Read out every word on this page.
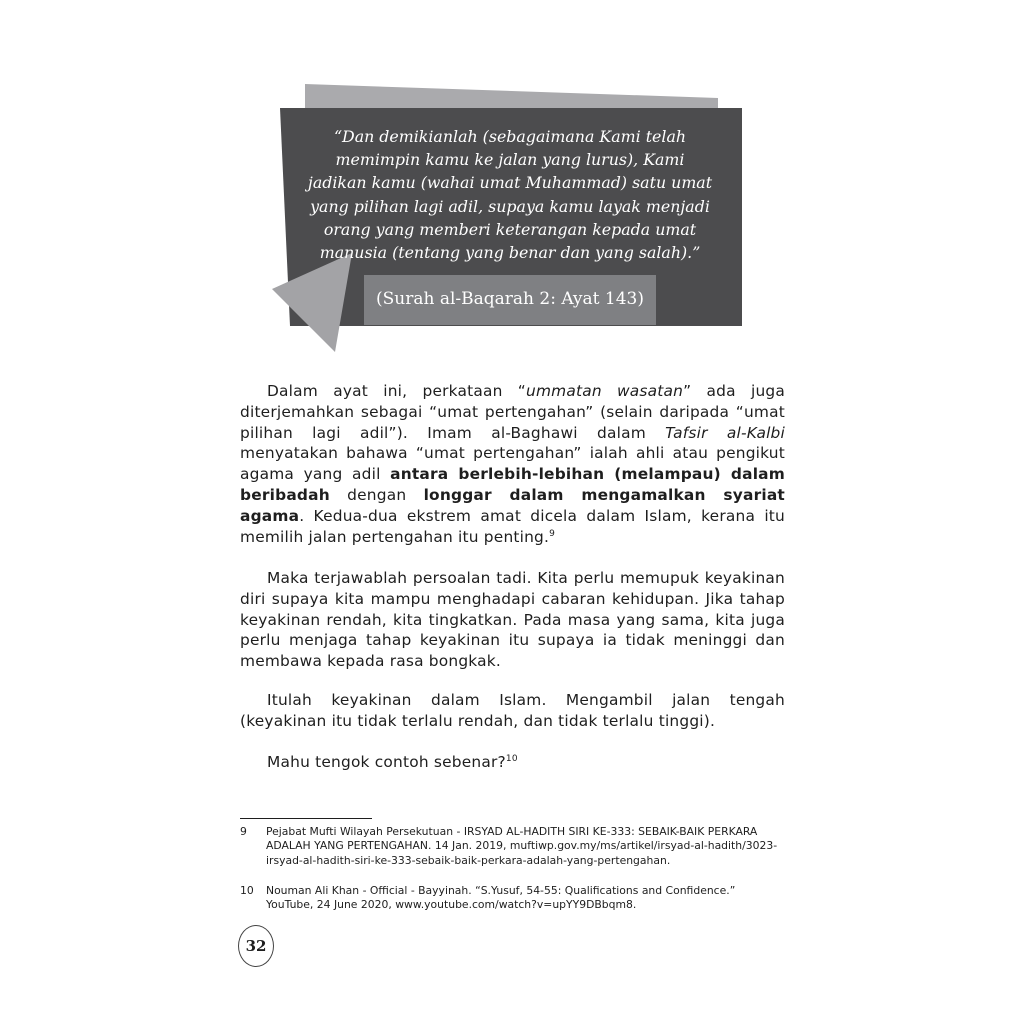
“Dan demikianlah (sebagaimana Kami telah
memimpin kamu ke jalan yang lurus), Kami
jadikan kamu (wahai umat Muhammad) satu umat
yang pilihan lagi adil, supaya kamu layak menjadi
orang yang memberi keterangan kepada umat
manusia (tentang yang benar dan yang salah).”
(Surah al-Baqarah 2: Ayat 143)

Dalam ayat ini, perkataan “ummatan wasatan” ada juga diterjemahkan sebagai “umat pertengahan” (selain daripada “umat pilihan lagi adil”). Imam al-Baghawi dalam Tafsir al-Kalbi menyatakan bahawa “umat pertengahan” ialah ahli atau pengikut agama yang adil antara berlebih-lebihan (melampau) dalam beribadah dengan longgar dalam mengamalkan syariat agama. Kedua-dua ekstrem amat dicela dalam Islam, kerana itu memilih jalan pertengahan itu penting.$^9$

Maka terjawablah persoalan tadi. Kita perlu memupuk keyakinan diri supaya kita mampu menghadapi cabaran kehidupan. Jika tahap keyakinan rendah, kita tingkatkan. Pada masa yang sama, kita juga perlu menjaga tahap keyakinan itu supaya ia tidak meninggi dan membawa kepada rasa bongkak.

Itulah keyakinan dalam Islam. Mengambil jalan tengah (keyakinan itu tidak terlalu rendah, dan tidak terlalu tinggi).

Mahu tengok contoh sebenar?$^{10}$

9	Pejabat Mufti Wilayah Persekutuan - IRSYAD AL-HADITH SIRI KE-333: SEBAIK-BAIK PERKARA ADALAH YANG PERTENGAHAN. 14 Jan. 2019, muftiwp.gov.my/ms/artikel/irsyad-al-hadith/3023-irsyad-al-hadith-siri-ke-333-sebaik-baik-perkara-adalah-yang-pertengahan.
10	Nouman Ali Khan - Official - Bayyinah. “S.Yusuf, 54-55: Qualifications and Confidence.” YouTube, 24 June 2020, www.youtube.com/watch?v=upYY9DBbqm8.
32
